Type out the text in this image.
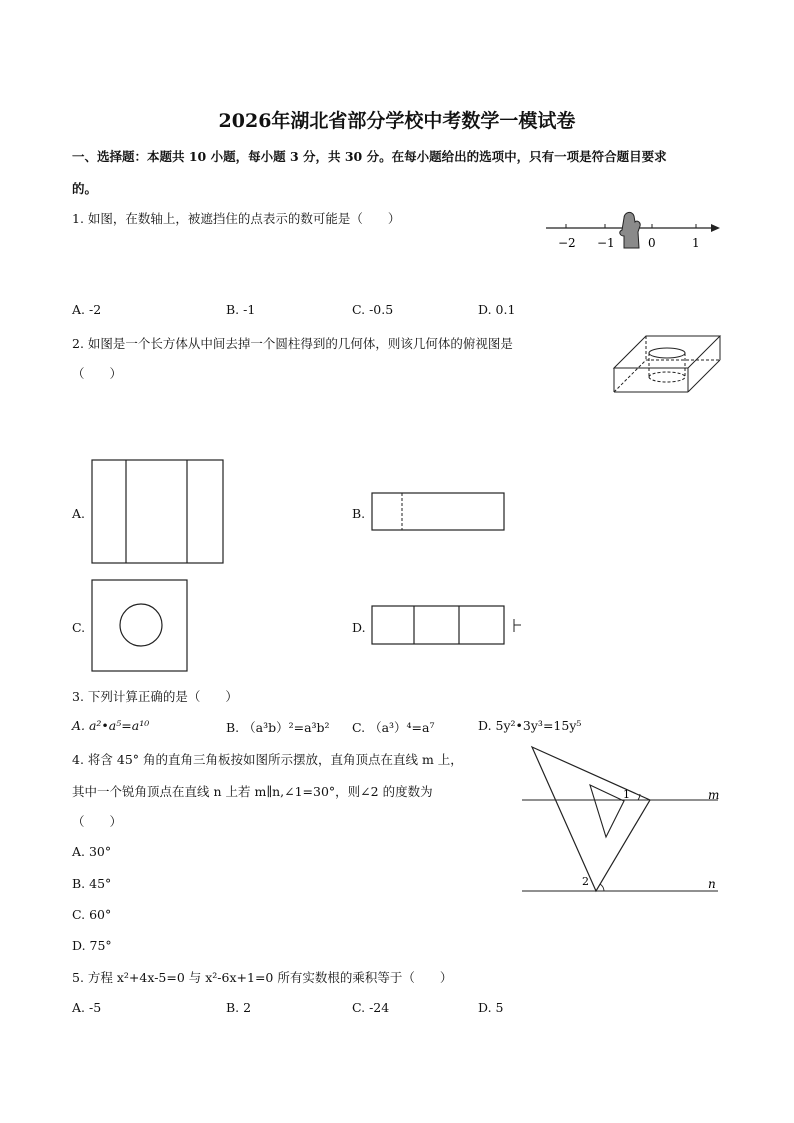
2026年湖北省部分学校中考数学一模试卷
一、选择题：本题共 10 小题，每小题 3 分，共 30 分。在每小题给出的选项中，只有一项是符合题目要求
的。
1. 如图，在数轴上，被遮挡住的点表示的数可能是（　　）
−2 −1	0	1
A. -2	B. -1	C. -0.5	D. 0.1
2. 如图是一个长方体从中间去掉一个圆柱得到的几何体，则该几何体的俯视图是
（　　）
A.	B.
C.	D.
3. 下列计算正确的是（　　）
A. a²•a⁵=a¹⁰	B. （a³b）²=a³b² C. （a³）⁴=a⁷	D. 5y²•3y³=15y⁵
4. 将含 45° 角的直角三角板按如图所示摆放，直角顶点在直线 m 上，
其中一个锐角顶点在直线 n 上若 m∥n,∠1=30°，则∠2 的度数为
（　　）
A. 30°
B. 45°
C. 60°
D. 75°
m
n
1
2
5. 方程 x²+4x-5=0 与 x²-6x+1=0 所有实数根的乘积等于（　　）
A. -5	B. 2	C. -24	D. 5
